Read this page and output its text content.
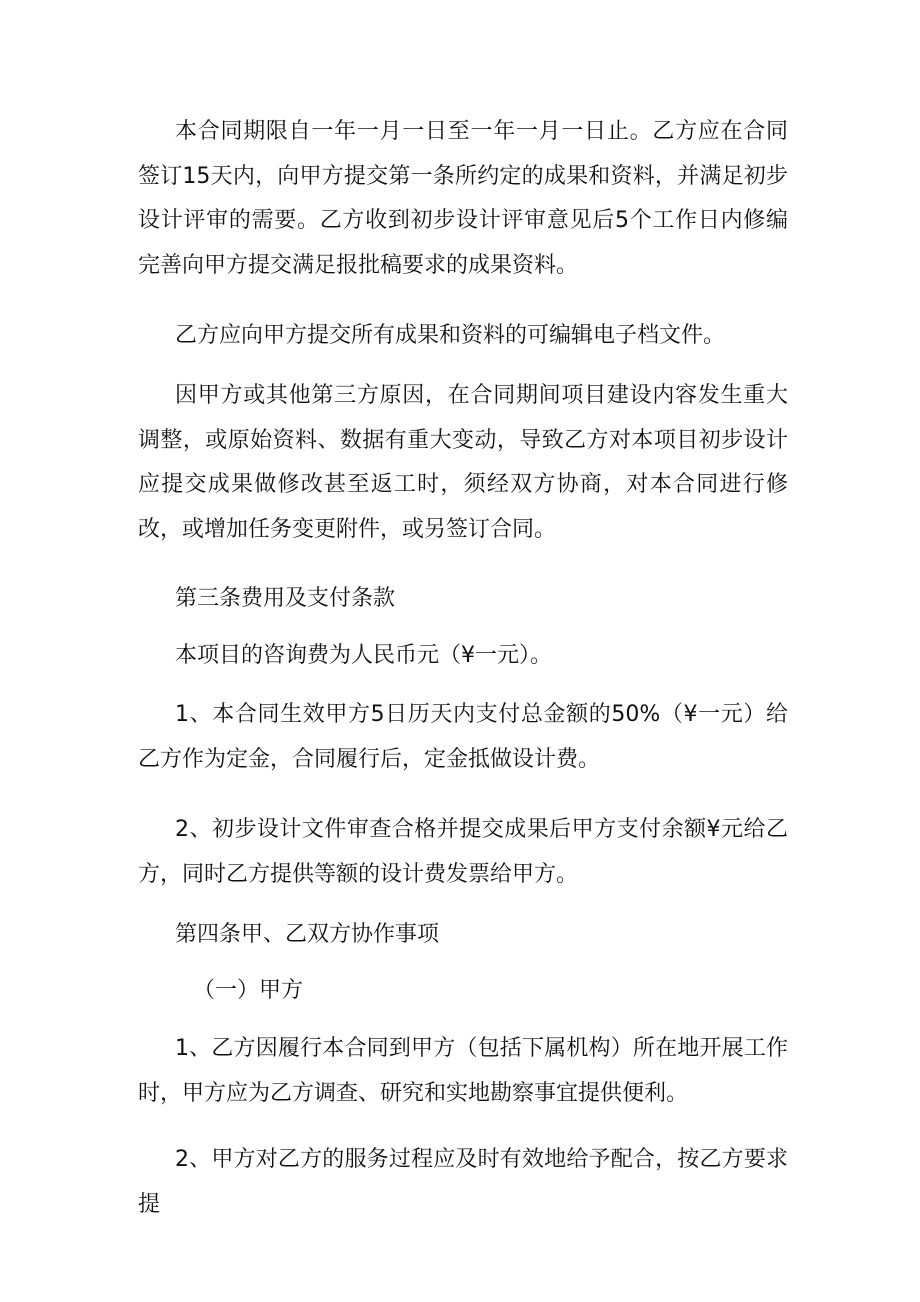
本合同期限自一年一月一日至一年一月一日止。乙方应在合同签订15天内，向甲方提交第一条所约定的成果和资料，并满足初步设计评审的需要。乙方收到初步设计评审意见后5个工作日内修编完善向甲方提交满足报批稿要求的成果资料。

乙方应向甲方提交所有成果和资料的可编辑电子档文件。

因甲方或其他第三方原因，在合同期间项目建设内容发生重大调整，或原始资料、数据有重大变动，导致乙方对本项目初步设计应提交成果做修改甚至返工时，须经双方协商，对本合同进行修改，或增加任务变更附件，或另签订合同。

第三条费用及支付条款

本项目的咨询费为人民币元（¥一元）。

1、本合同生效甲方5日历天内支付总金额的50%（¥一元）给乙方作为定金，合同履行后，定金抵做设计费。

2、初步设计文件审查合格并提交成果后甲方支付余额¥元给乙方，同时乙方提供等额的设计费发票给甲方。

第四条甲、乙双方协作事项

（一）甲方

1、乙方因履行本合同到甲方（包括下属机构）所在地开展工作时，甲方应为乙方调查、研究和实地勘察事宜提供便利。

2、甲方对乙方的服务过程应及时有效地给予配合，按乙方要求提
